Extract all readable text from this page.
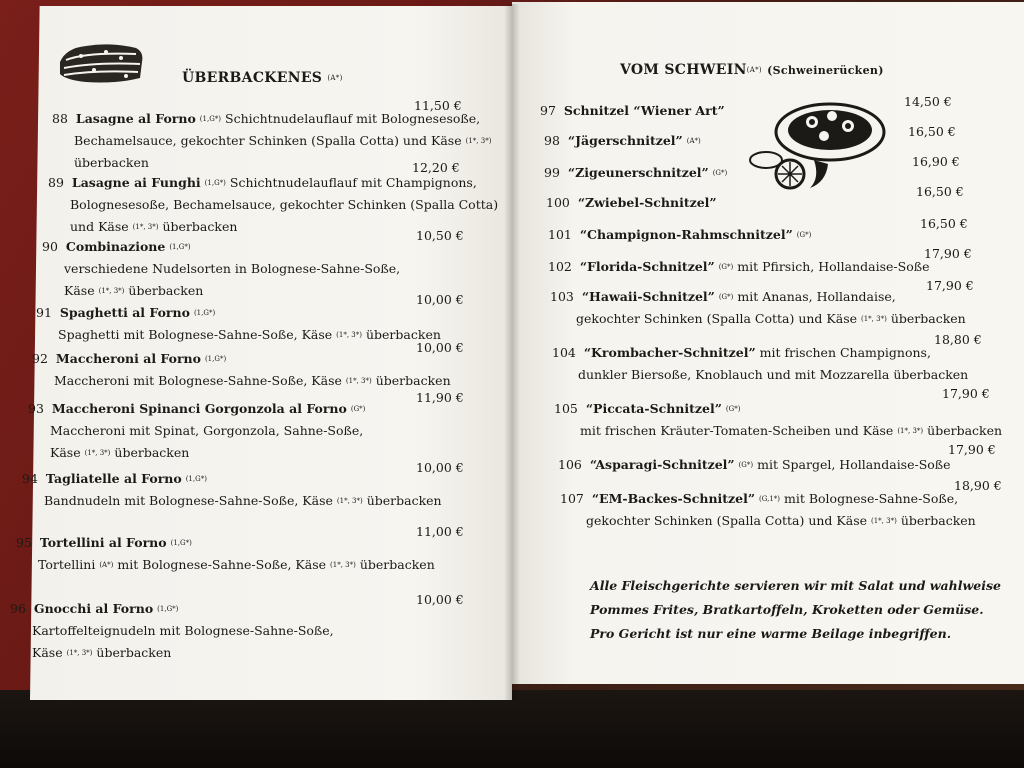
ÜBERBACKENES $^{(A*)}$
88 Lasagne al Forno $^{(1,G*)}$ Schichtnudelauflauf mit Bolognesesoße,
Bechamelsauce, gekochter Schinken (Spalla Cotta) und Käse $^{(1*, 3*)}$
überbacken
11,50 €
89 Lasagne ai Funghi $^{(1,G*)}$ Schichtnudelauflauf mit Champignons,
Bolognesesoße, Bechamelsauce, gekochter Schinken (Spalla Cotta)
und Käse $^{(1*, 3*)}$ überbacken
12,20 €
90 Combinazione $^{(1,G*)}$
verschiedene Nudelsorten in Bolognese-Sahne-Soße,
Käse $^{(1*, 3*)}$ überbacken
10,50 €
91 Spaghetti al Forno $^{(1,G*)}$
Spaghetti mit Bolognese-Sahne-Soße, Käse $^{(1*, 3*)}$ überbacken
10,00 €
92 Maccheroni al Forno $^{(1,G*)}$
Maccheroni mit Bolognese-Sahne-Soße, Käse $^{(1*, 3*)}$ überbacken
10,00 €
93 Maccheroni Spinanci Gorgonzola al Forno $^{(G*)}$
Maccheroni mit Spinat, Gorgonzola, Sahne-Soße,
Käse $^{(1*, 3*)}$ überbacken
11,90 €
94 Tagliatelle al Forno $^{(1,G*)}$
Bandnudeln mit Bolognese-Sahne-Soße, Käse $^{(1*, 3*)}$ überbacken
10,00 €
95 Tortellini al Forno $^{(1,G*)}$
Tortellini $^{(A*)}$ mit Bolognese-Sahne-Soße, Käse $^{(1*, 3*)}$ überbacken
11,00 €
96 Gnocchi al Forno $^{(1,G*)}$
Kartoffelteignudeln mit Bolognese-Sahne-Soße,
Käse $^{(1*, 3*)}$ überbacken
10,00 €
VOM $SCHWEIN^{(A*)}$ (Schweinerücken)
97 Schnitzel “Wiener Art”
14,50 €
98 “Jägerschnitzel” $^{(A*)}$
16,50 €
99 “Zigeunerschnitzel” $^{(G*)}$
16,90 €
100 “Zwiebel-Schnitzel”
16,50 €
101 “Champignon-Rahmschnitzel” $^{(G*)}$
16,50 €
102 “Florida-Schnitzel” $^{(G*)}$ mit Pfirsich, Hollandaise-Soße
17,90 €
103 “Hawaii-Schnitzel” $^{(G*)}$ mit Ananas, Hollandaise,
gekochter Schinken (Spalla Cotta) und Käse $^{(1*, 3*)}$ überbacken
17,90 €
104 “Krombacher-Schnitzel” mit frischen Champignons,
dunkler Biersoße, Knoblauch und mit Mozzarella überbacken
18,80 €
105 “Piccata-Schnitzel” $^{(G*)}$
mit frischen Kräuter-Tomaten-Scheiben und Käse $^{(1*, 3*)}$ überbacken
17,90 €
106 “Asparagi-Schnitzel” $^{(G*)}$ mit Spargel, Hollandaise-Soße
17,90 €
107 “EM-Backes-Schnitzel” $^{(G,1*)}$ mit Bolognese-Sahne-Soße,
gekochter Schinken (Spalla Cotta) und Käse $^{(1*, 3*)}$ überbacken
18,90 €
Alle Fleischgerichte servieren wir mit Salat und wahlweise
Pommes Frites, Bratkartoffeln, Kroketten oder Gemüse.
Pro Gericht ist nur eine warme Beilage inbegriffen.
